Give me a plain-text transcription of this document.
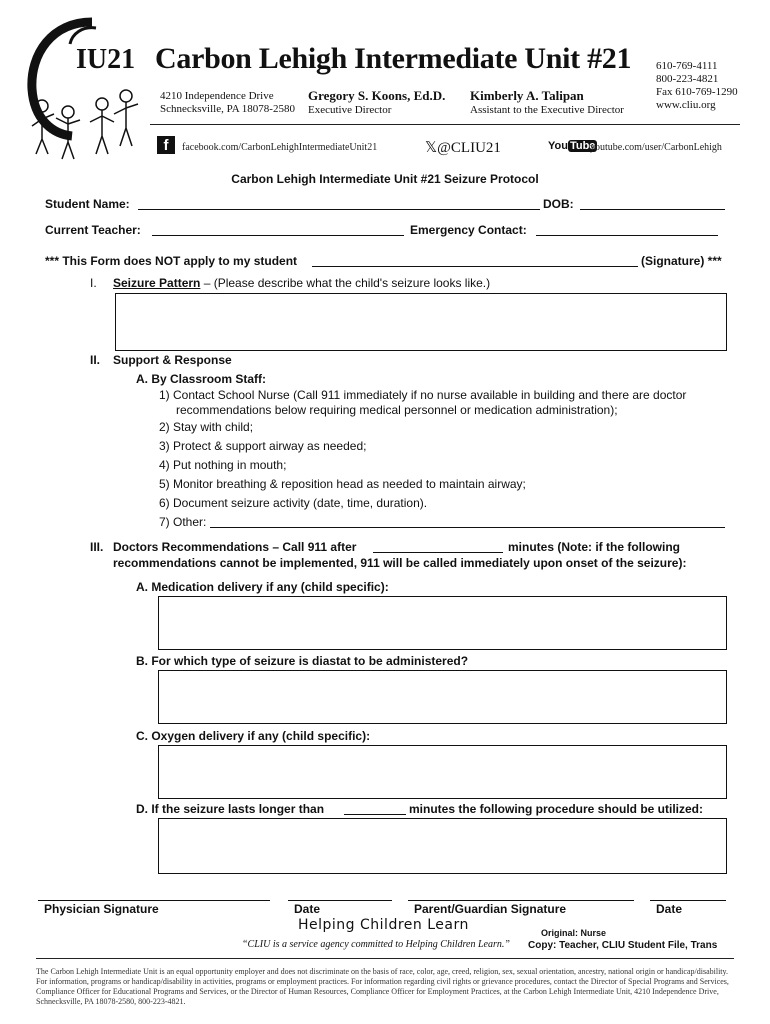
IU21 Carbon Lehigh Intermediate Unit #21
4210 Independence Drive
Schnecksville, PA 18078-2580
Gregory S. Koons, Ed.D.
Executive Director
Kimberly A. Talipan
Assistant to the Executive Director
610-769-4111
800-223-4821
Fax 610-769-1290
www.cliu.org
f	facebook.com/CarbonLehighIntermediateUnit21	𝕏@CLIU21	You Tube
youtube.com/user/CarbonLehigh
Carbon Lehigh Intermediate Unit #21 Seizure Protocol
Student Name:	DOB:
Current Teacher:	Emergency Contact:
*** This Form does NOT apply to my student	(Signature) ***
I. Seizure Pattern – (Please describe what the child's seizure looks like.)
II. Support & Response
A. By Classroom Staff:
1) Contact School Nurse (Call 911 immediately if no nurse available in building and there are doctor
recommendations below requiring medical personnel or medication administration);
2) Stay with child;
3) Protect & support airway as needed;
4) Put nothing in mouth;
5) Monitor breathing & reposition head as needed to maintain airway;
6) Document seizure activity (date, time, duration).
7) Other:
III. Doctors Recommendations – Call 911 after	minutes (Note: if the following
recommendations cannot be implemented, 911 will be called immediately upon onset of the seizure):
A. Medication delivery if any (child specific):
B. For which type of seizure is diastat to be administered?
C. Oxygen delivery if any (child specific):
D. If the seizure lasts longer than	minutes the following procedure should be utilized:
Physician Signature	Date	Parent/Guardian Signature	Date
Helping Children Learn
“CLIU is a service agency committed to Helping Children Learn.”
Original: Nurse
Copy: Teacher, CLIU Student File, Trans
The Carbon Lehigh Intermediate Unit is an equal opportunity employer and does not discriminate on the basis of race, color, age, creed, religion, sex, sexual orientation, ancestry, national origin or handicap/disability. For information, programs or handicap/disability in activities, programs or employment practices. For information regarding civil rights or grievance procedures, contact the Director of Special Programs and Services, Compliance Officer for Educational Programs and Services, or the Director of Human Resources, Compliance Officer for Employment Practices, at the Carbon Lehigh Intermediate Unit, 4210 Independence Drive, Schnecksville, PA 18078-2580, 800-223-4821.
